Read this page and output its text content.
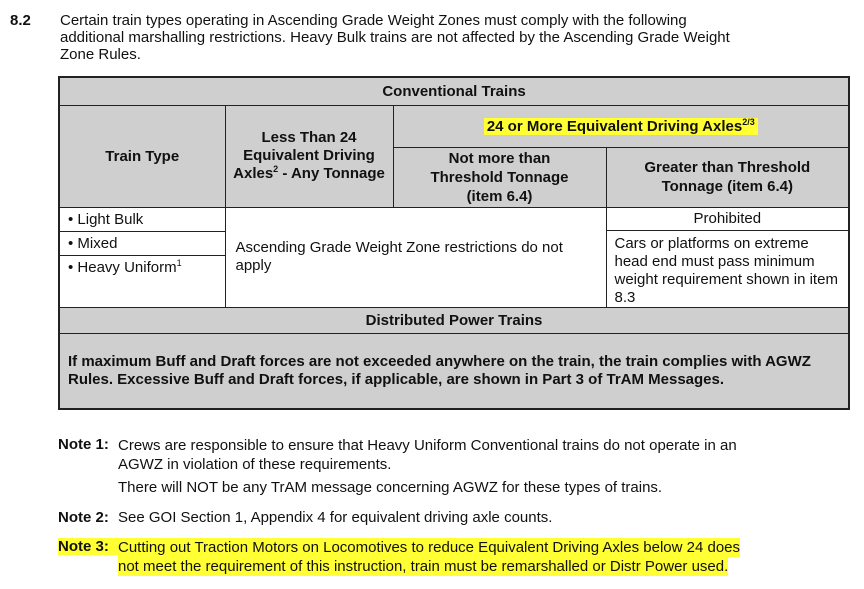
8.2 Certain train types operating in Ascending Grade Weight Zones must comply with the following
additional marshalling restrictions. Heavy Bulk trains are not affected by the Ascending Grade Weight
Zone Rules.
Conventional Trains			
Train Type	Less Than 24 Equivalent Driving Axles$^2$ - Any Tonnage	24 or More Equivalent Driving Axles$^{2/3}$
		Not more than Threshold Tonnage (item 6.4)	Greater than Threshold Tonnage (item 6.4)

• Light Bulk
• Mixed
• Heavy Uniform$^1$	Ascending Grade Weight Zone restrictions do not apply		Prohibited
			Cars or platforms on extreme head end must pass minimum weight requirement shown in item 8.3

Distributed Power Trains			
If maximum Buff and Draft forces are not exceeded anywhere on the train, the train complies with AGWZ Rules. Excessive Buff and Draft forces, if applicable, are shown in Part 3 of TrAM Messages.			
Note 1: Crews are responsible to ensure that Heavy Uniform Conventional trains do not operate in an
AGWZ in violation of these requirements.
There will NOT be any TrAM message concerning AGWZ for these types of trains.
Note 2: See GOI Section 1, Appendix 4 for equivalent driving axle counts.
Note 3: Cutting out Traction Motors on Locomotives to reduce Equivalent Driving Axles below 24 does
not meet the requirement of this instruction, train must be remarshalled or Distr Power used.
